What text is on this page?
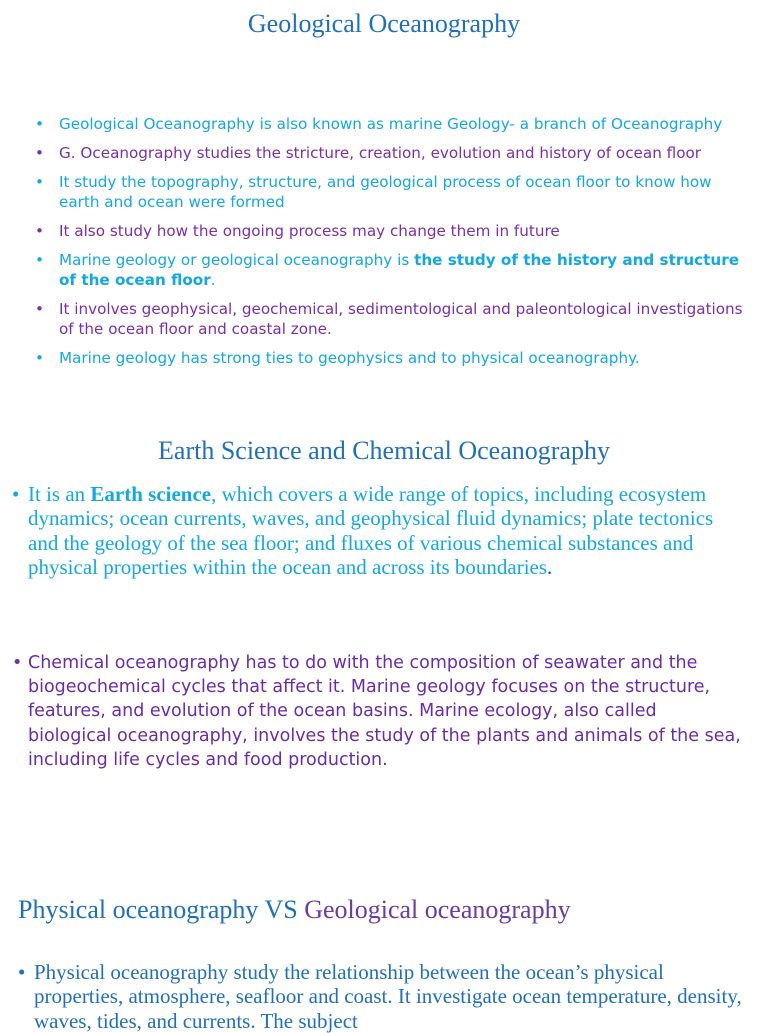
Geological Oceanography
• Geological Oceanography is also known as marine Geology- a branch of Oceanography
• G. Oceanography studies the stricture, creation, evolution and history of ocean floor
• It study the topography, structure, and geological process of ocean floor to know how earth and ocean were formed
• It also study how the ongoing process may change them in future
• Marine geology or geological oceanography is the study of the history and structure of the ocean floor.
• It involves geophysical, geochemical, sedimentological and paleontological investigations of the ocean floor and coastal zone.
• Marine geology has strong ties to geophysics and to physical oceanography.
Earth Science and Chemical Oceanography
• It is an Earth science, which covers a wide range of topics, including ecosystem dynamics; ocean currents, waves, and geophysical fluid dynamics; plate tectonics and the geology of the sea floor; and fluxes of various chemical substances and physical properties within the ocean and across its boundaries.
• Chemical oceanography has to do with the composition of seawater and the biogeochemical cycles that affect it. Marine geology focuses on the structure, features, and evolution of the ocean basins. Marine ecology, also called biological oceanography, involves the study of the plants and animals of the sea, including life cycles and food production.
Physical oceanography VS Geological oceanography
• Physical oceanography study the relationship between the ocean’s physical properties, atmosphere, seafloor and coast. It investigate ocean temperature, density, waves, tides, and currents. The subject
